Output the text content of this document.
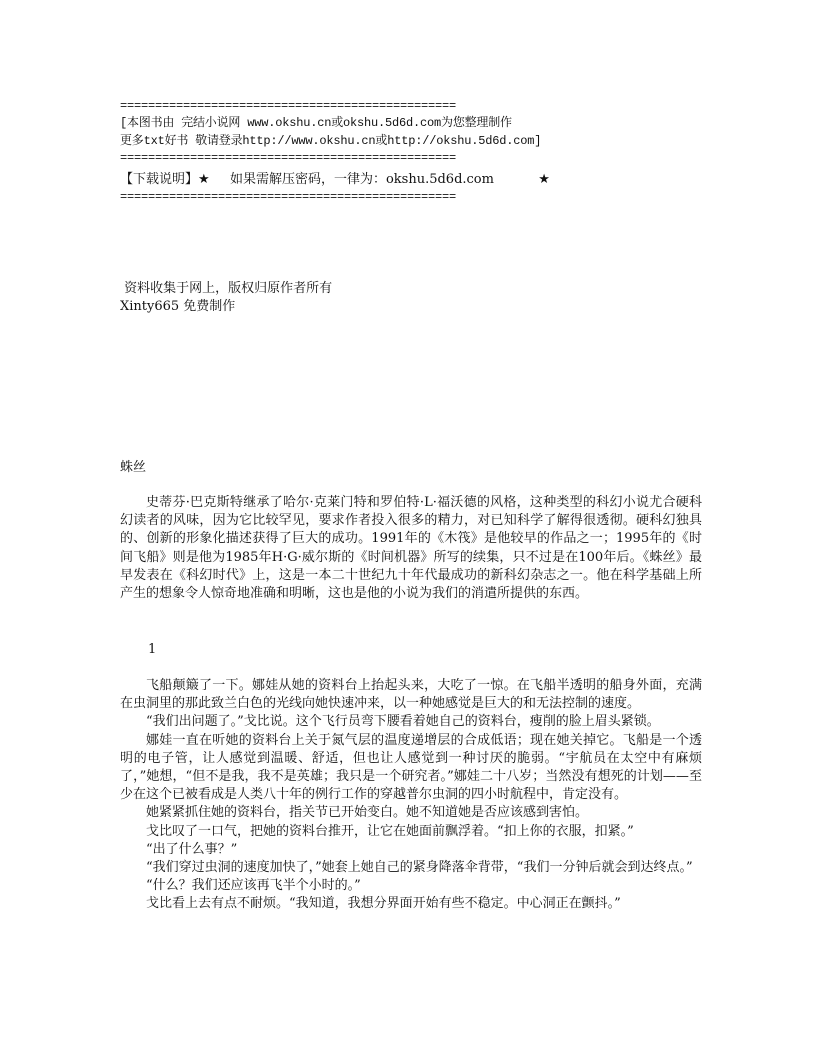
================================================
[本图书由 完结小说网 www.okshu.cn或okshu.5d6d.com为您整理制作
更多txt好书 敬请登录http://www.okshu.cn或http://okshu.5d6d.com]
================================================
【下载说明】★ 如果需解压密码，一律为：okshu.5d6d.com	★
================================================
资料收集于网上，版权归原作者所有
Xinty665 免费制作
蛛丝

史蒂芬·巴克斯特继承了哈尔·克莱门特和罗伯特·L·福沃德的风格，这种类型的科幻小说尤合硬科幻读者的风味，因为它比较罕见，要求作者投入很多的精力，对已知科学了解得很透彻。硬科幻独具的、创新的形象化描述获得了巨大的成功。1991年的《木筏》是他较早的作品之一；1995年的《时间飞船》则是他为1985年H·G·威尔斯的《时间机器》所写的续集，只不过是在100年后。《蛛丝》最早发表在《科幻时代》上，这是一本二十世纪九十年代最成功的新科幻杂志之一。他在科学基础上所产生的想象令人惊奇地准确和明晰，这也是他的小说为我们的消遣所提供的东西。

1

飞船颠簸了一下。娜娃从她的资料台上抬起头来，大吃了一惊。在飞船半透明的船身外面，充满在虫洞里的那此致兰白色的光线向她快速冲来，以一种她感觉是巨大的和无法控制的速度。

“我们出问题了。”戈比说。这个飞行员弯下腰看着她自己的资料台，瘦削的脸上眉头紧锁。

娜娃一直在听她的资料台上关于氮气层的温度递增层的合成低语；现在她关掉它。飞船是一个透明的电子管，让人感觉到温暖、舒适，但也让人感觉到一种讨厌的脆弱。“宇航员在太空中有麻烦了，”她想，“但不是我，我不是英雄；我只是一个研究者。”娜娃二十八岁；当然没有想死的计划——至少在这个已被看成是人类八十年的例行工作的穿越普尔虫洞的四小时航程中，肯定没有。

她紧紧抓住她的资料台，指关节已开始变白。她不知道她是否应该感到害怕。

戈比叹了一口气，把她的资料台推开，让它在她面前飘浮着。“扣上你的衣服，扣紧。”

“出了什么事？”

“我们穿过虫洞的速度加快了，”她套上她自己的紧身降落伞背带，“我们一分钟后就会到达终点。”

“什么？我们还应该再飞半个小时的。”

戈比看上去有点不耐烦。“我知道，我想分界面开始有些不稳定。中心洞正在颤抖。”
